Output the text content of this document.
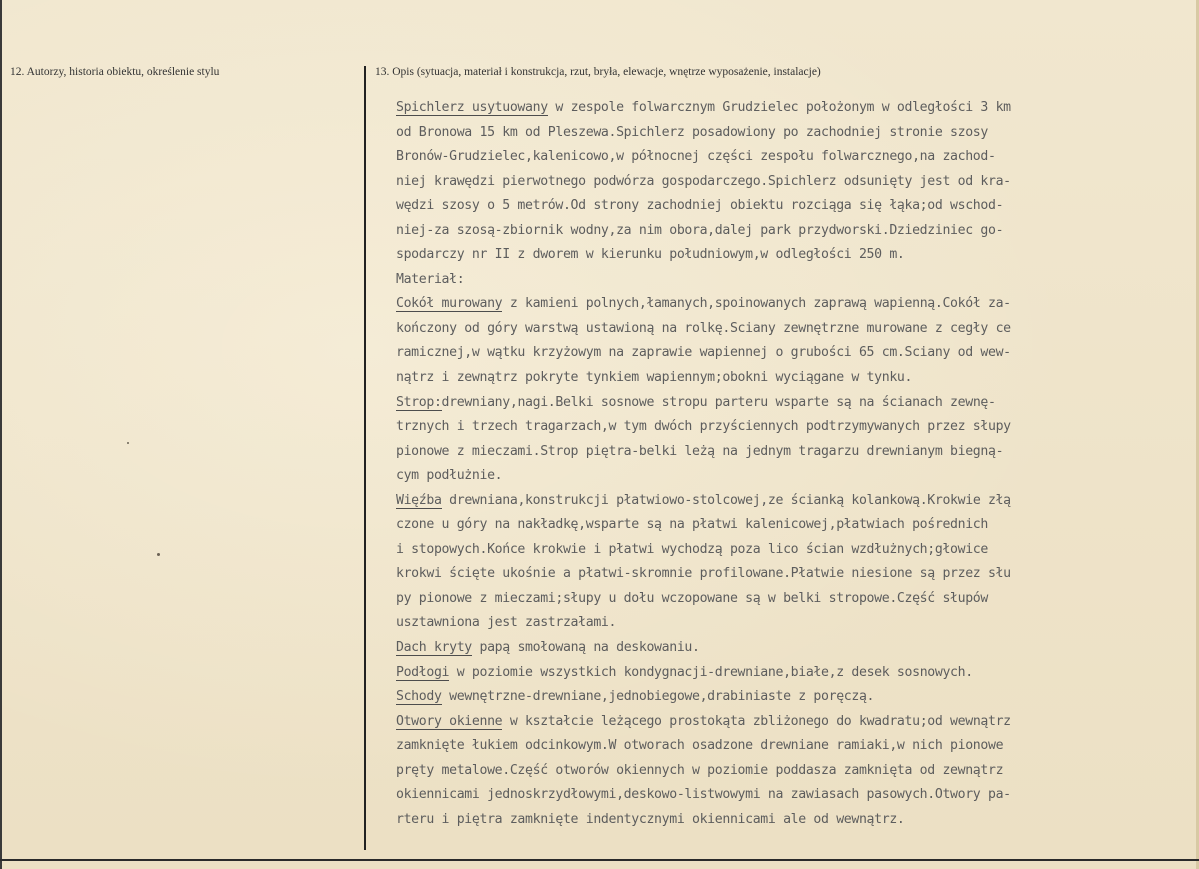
12. Autorzy, historia obiektu, określenie stylu	13. Opis (sytuacja, materiał i konstrukcja, rzut, bryła, elewacje, wnętrze wyposażenie, instalacje)
Spichlerz usytuowany w zespole folwarcznym Grudzielec położonym w odległości 3 km
od Bronowa 15 km od Pleszewa.Spichlerz posadowiony po zachodniej stronie szosy
Bronów-Grudzielec,kalenicowo,w północnej części zespołu folwarcznego,na zachod-
niej krawędzi pierwotnego podwórza gospodarczego.Spichlerz odsunięty jest od kra-
wędzi szosy o 5 metrów.Od strony zachodniej obiektu rozciąga się łąka;od wschod-
niej-za szosą-zbiornik wodny,za nim obora,dalej park przydworski.Dziedziniec go-
spodarczy nr II z dworem w kierunku południowym,w odległości 250 m.
Materiał:
Cokół murowany z kamieni polnych,łamanych,spoinowanych zaprawą wapienną.Cokół za-
kończony od góry warstwą ustawioną na rolkę.Sciany zewnętrzne murowane z cegły ce
ramicznej,w wątku krzyżowym na zaprawie wapiennej o grubości 65 cm.Sciany od wew-
nątrz i zewnątrz pokryte tynkiem wapiennym;obokni wyciągane w tynku.
Strop:drewniany,nagi.Belki sosnowe stropu parteru wsparte są na ścianach zewnę-
trznych i trzech tragarzach,w tym dwóch przyściennych podtrzymywanych przez słupy
pionowe z mieczami.Strop piętra-belki leżą na jednym tragarzu drewnianym biegną-
cym podłużnie.
Więźba drewniana,konstrukcji płatwiowo-stolcowej,ze ścianką kolankową.Krokwie złą
czone u góry na nakładkę,wsparte są na płatwi kalenicowej,płatwiach pośrednich
i stopowych.Końce krokwie i płatwi wychodzą poza lico ścian wzdłużnych;głowice
krokwi ścięte ukośnie a płatwi-skromnie profilowane.Płatwie niesione są przez słu
py pionowe z mieczami;słupy u dołu wczopowane są w belki stropowe.Część słupów
usztawniona jest zastrzałami.
Dach kryty papą smołowaną na deskowaniu.
Podłogi w poziomie wszystkich kondygnacji-drewniane,białe,z desek sosnowych.
Schody wewnętrzne-drewniane,jednobiegowe,drabiniaste z poręczą.
Otwory okienne w kształcie leżącego prostokąta zbliżonego do kwadratu;od wewnątrz
zamknięte łukiem odcinkowym.W otworach osadzone drewniane ramiaki,w nich pionowe
pręty metalowe.Część otworów okiennych w poziomie poddasza zamknięta od zewnątrz
okiennicami jednoskrzydłowymi,deskowo-listwowymi na zawiasach pasowych.Otwory pa-
rteru i piętra zamknięte indentycznymi okiennicami ale od wewnątrz.
